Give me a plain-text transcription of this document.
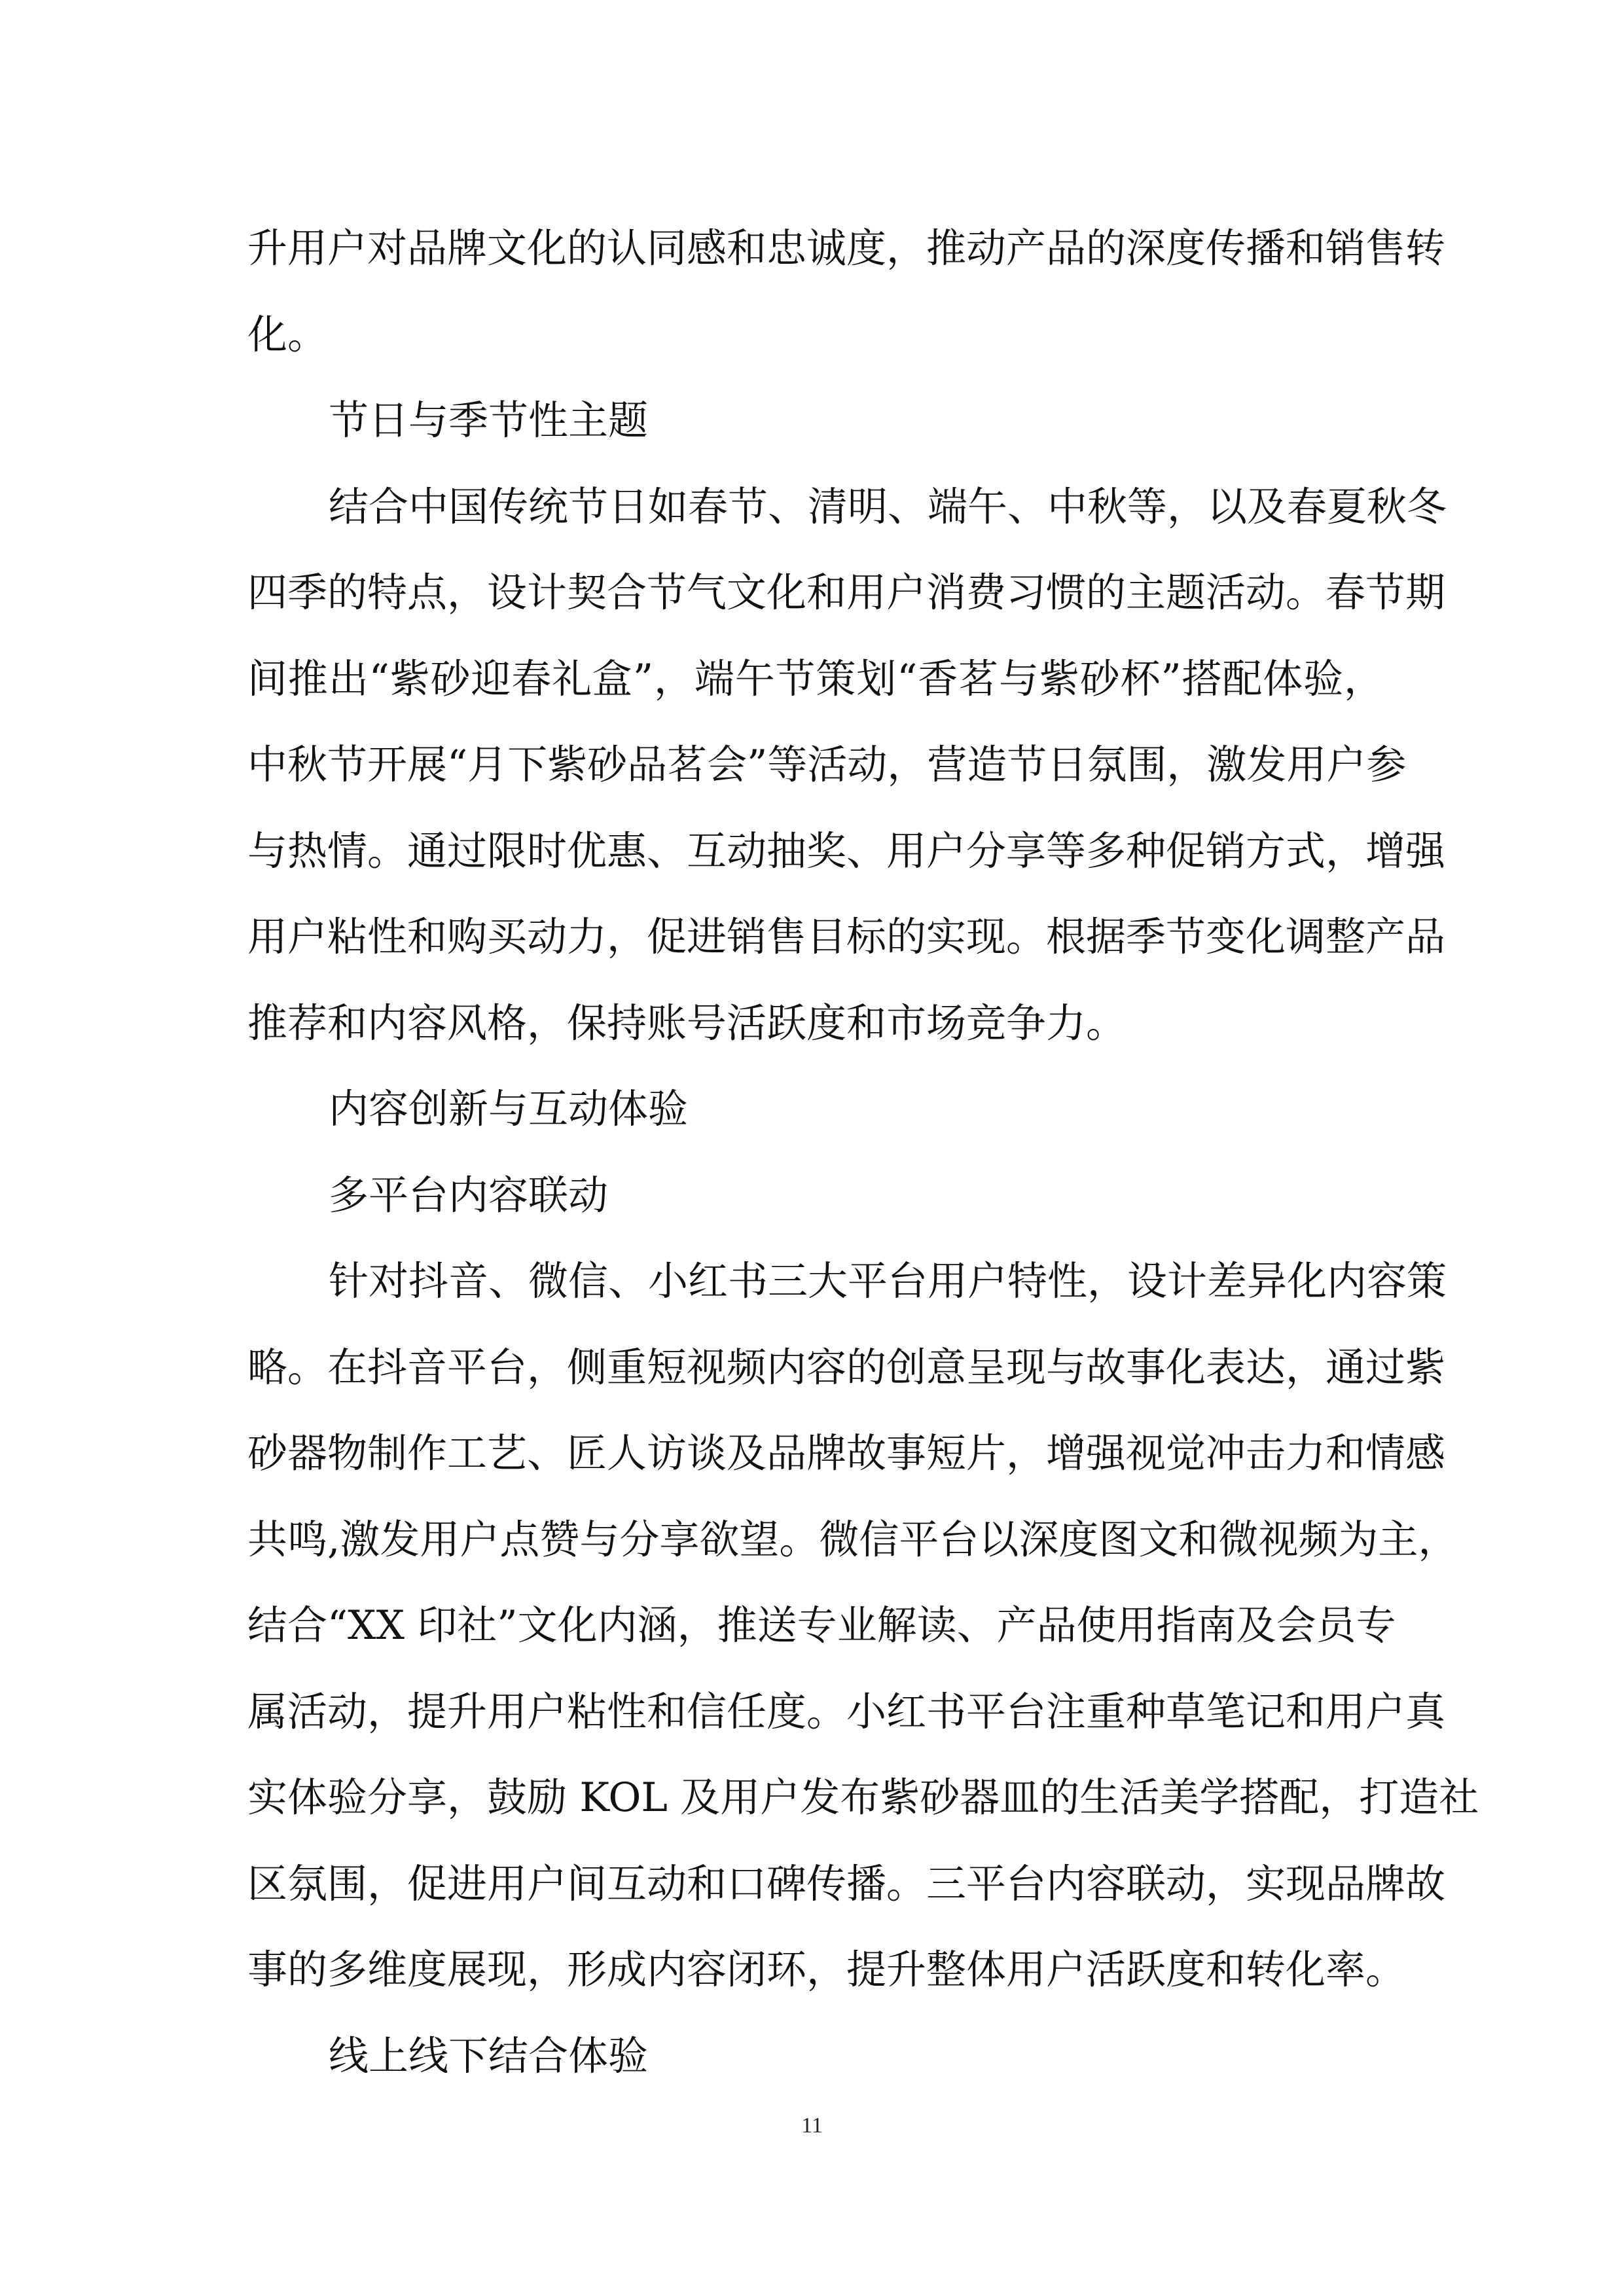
升用户对品牌文化的认同感和忠诚度，推动产品的深度传播和销售转
化。
节日与季节性主题
结合中国传统节日如春节、清明、端午、中秋等，以及春夏秋冬
四季的特点，设计契合节气文化和用户消费习惯的主题活动。春节期
间推出“紫砂迎春礼盒”，端午节策划“香茗与紫砂杯”搭配体验，
中秋节开展“月下紫砂品茗会”等活动，营造节日氛围，激发用户参
与热情。通过限时优惠、互动抽奖、用户分享等多种促销方式，增强
用户粘性和购买动力，促进销售目标的实现。根据季节变化调整产品
推荐和内容风格，保持账号活跃度和市场竞争力。
内容创新与互动体验
多平台内容联动
针对抖音、微信、小红书三大平台用户特性，设计差异化内容策
略。在抖音平台，侧重短视频内容的创意呈现与故事化表达，通过紫
砂器物制作工艺、匠人访谈及品牌故事短片，增强视觉冲击力和情感
共鸣,激发用户点赞与分享欲望。微信平台以深度图文和微视频为主，
结合“XX 印社”文化内涵，推送专业解读、产品使用指南及会员专
属活动，提升用户粘性和信任度。小红书平台注重种草笔记和用户真
实体验分享，鼓励 KOL 及用户发布紫砂器皿的生活美学搭配，打造社
区氛围，促进用户间互动和口碑传播。三平台内容联动，实现品牌故
事的多维度展现，形成内容闭环，提升整体用户活跃度和转化率。
线上线下结合体验
11
